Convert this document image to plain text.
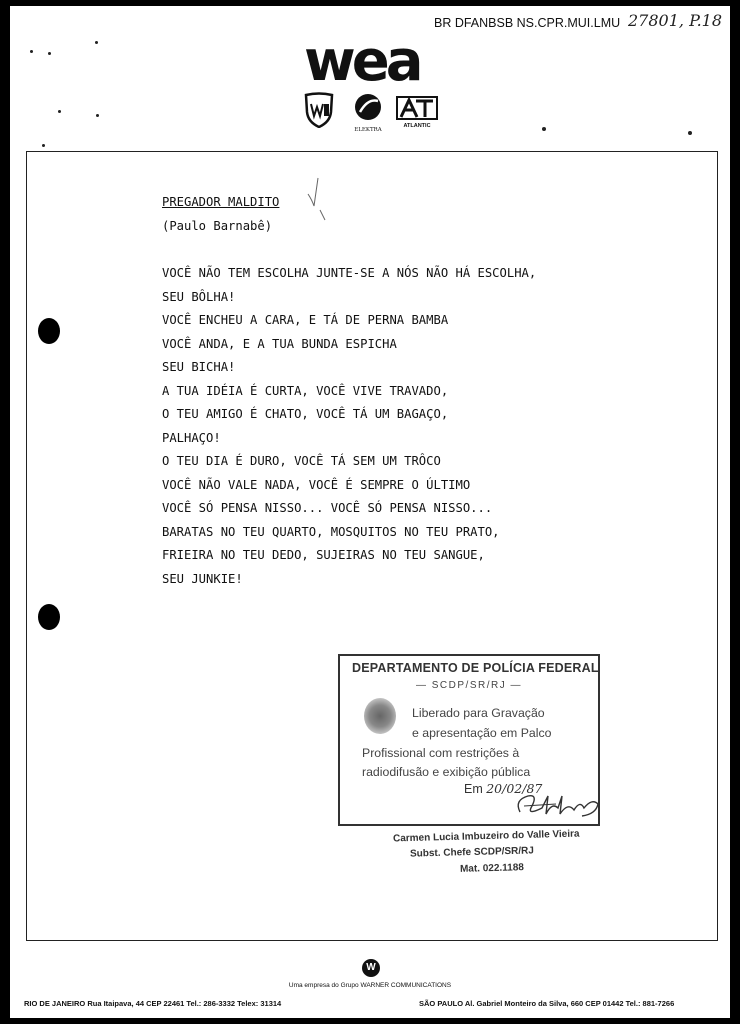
BR DFANBSB NS.CPR.MUI.LMU 27801, P.18
wea
ELEKTRA
ATLANTIC
PREGADOR MALDITO
(Paulo Barnabê)
VOCÊ NÃO TEM ESCOLHA JUNTE-SE A NÓS NÃO HÁ ESCOLHA,
SEU BÔLHA!
VOCÊ ENCHEU A CARA, E TÁ DE PERNA BAMBA
VOCÊ ANDA, E A TUA BUNDA ESPICHA
SEU BICHA!
A TUA IDÉIA É CURTA, VOCÊ VIVE TRAVADO,
O TEU AMIGO É CHATO, VOCÊ TÁ UM BAGAÇO,
PALHAÇO!
O TEU DIA É DURO, VOCÊ TÁ SEM UM TRÔCO
VOCÊ NÃO VALE NADA, VOCÊ É SEMPRE O ÚLTIMO
VOCÊ SÓ PENSA NISSO... VOCÊ SÓ PENSA NISSO...
BARATAS NO TEU QUARTO, MOSQUITOS NO TEU PRATO,
FRIEIRA NO TEU DEDO, SUJEIRAS NO TEU SANGUE,
SEU JUNKIE!
DEPARTAMENTO DE POLÍCIA FEDERAL
— SCDP/SR/RJ —
Liberado para Gravação
e apresentação em Palco
Profissional com restrições à
radiodifusão e exibição pública
Em 20/02/87
Carmen Lucia Imbuzeiro do Valle Vieira
Subst. Chefe SCDP/SR/RJ
Mat. 022.1188
W
Uma empresa do Grupo WARNER COMMUNICATIONS
RIO DE JANEIRO Rua Itaipava, 44 CEP 22461 Tel.: 286-3332 Telex: 31314	SÃO PAULO Al. Gabriel Monteiro da Silva, 660 CEP 01442 Tel.: 881-7266
